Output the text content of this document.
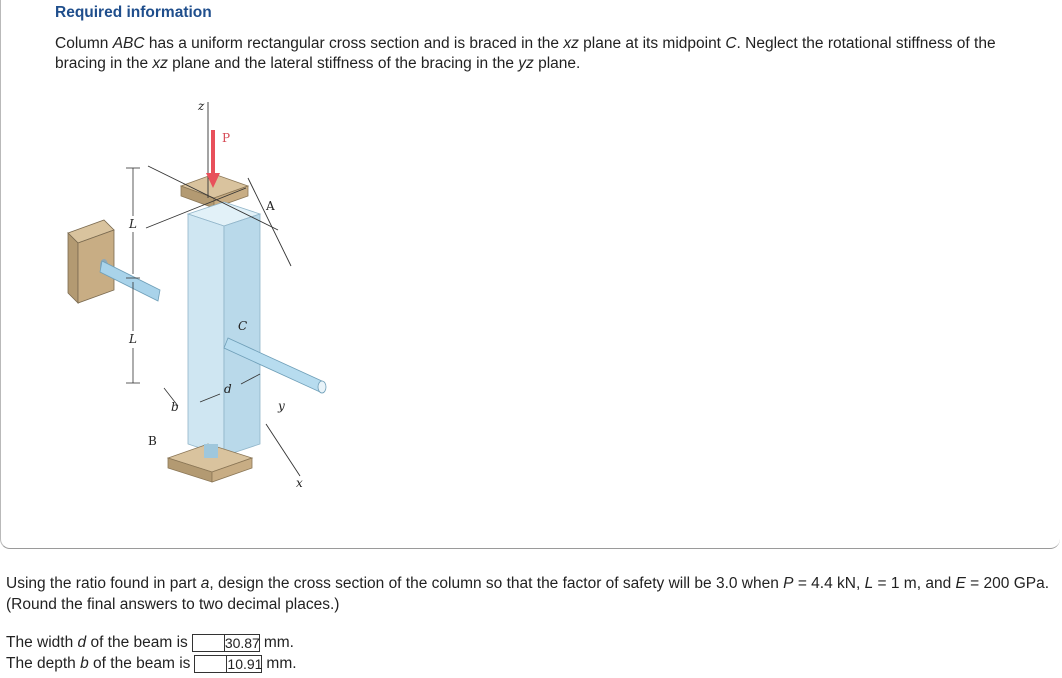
Required information
Column ABC has a uniform rectangular cross section and is braced in the xz plane at its midpoint C. Neglect the rotational stiffness of the bracing in the xz plane and the lateral stiffness of the bracing in the yz plane.
z
P
A
L
C
L
d
b	y
B
x
Using the ratio found in part a, design the cross section of the column so that the factor of safety will be 3.0 when P = 4.4 kN, L = 1 m, and E = 200 GPa. (Round the final answers to two decimal places.)
The width d of the beam is	30.87 mm.
The depth b of the beam is	10.91 mm.
